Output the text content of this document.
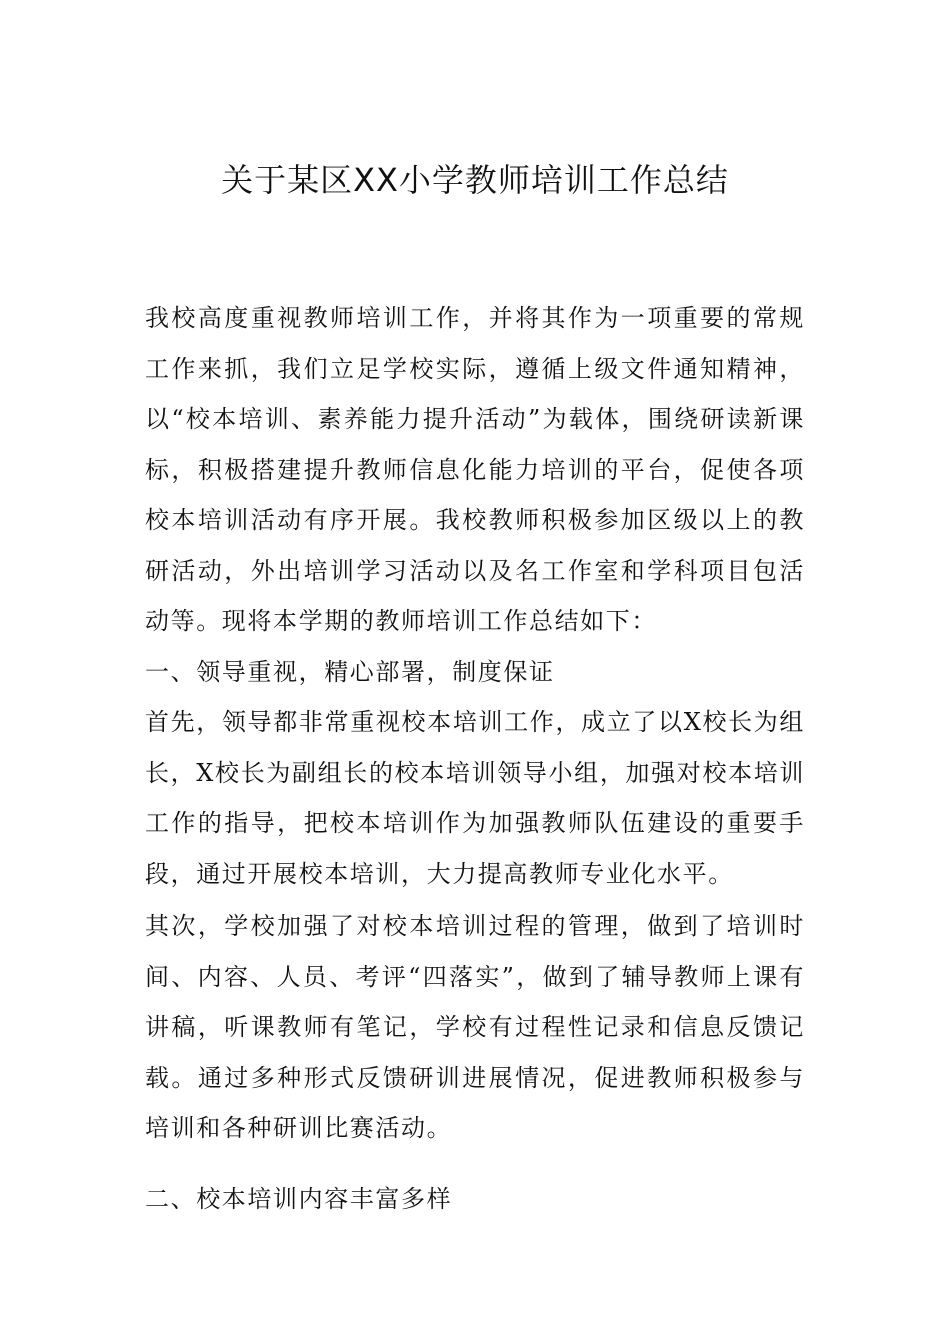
关于某区XX小学教师培训工作总结

我校高度重视教师培训工作，并将其作为一项重要的常规工作来抓，我们立足学校实际，遵循上级文件通知精神，以“校本培训、素养能力提升活动”为载体，围绕研读新课标，积极搭建提升教师信息化能力培训的平台，促使各项校本培训活动有序开展。我校教师积极参加区级以上的教研活动，外出培训学习活动以及名工作室和学科项目包活动等。现将本学期的教师培训工作总结如下：

一、领导重视，精心部署，制度保证

首先，领导都非常重视校本培训工作，成立了以X校长为组长，X校长为副组长的校本培训领导小组，加强对校本培训工作的指导，把校本培训作为加强教师队伍建设的重要手段，通过开展校本培训，大力提高教师专业化水平。

其次，学校加强了对校本培训过程的管理，做到了培训时间、内容、人员、考评“四落实”，做到了辅导教师上课有讲稿，听课教师有笔记，学校有过程性记录和信息反馈记载。通过多种形式反馈研训进展情况，促进教师积极参与培训和各种研训比赛活动。

二、校本培训内容丰富多样
